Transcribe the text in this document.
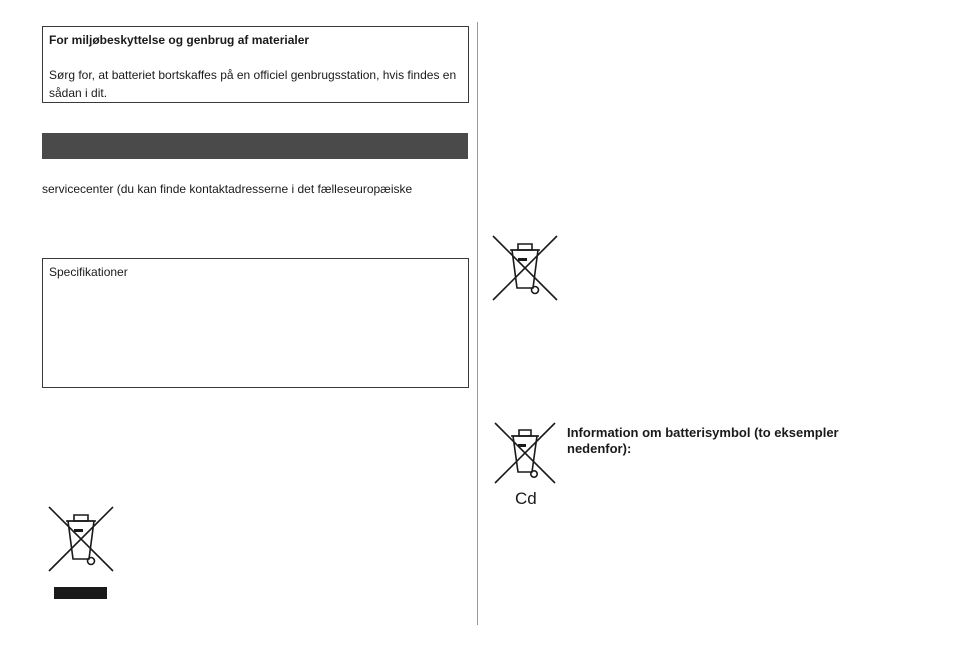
For miljøbeskyttelse og genbrug af materialer
Sørg for, at batteriet bortskaffes på en officiel genbrugsstation, hvis findes en sådan i dit.
servicecenter (du kan finde kontaktadresserne i det fælleseuropæiske
Specifikationer
Cd
Information om batterisymbol (to eksempler nedenfor):
